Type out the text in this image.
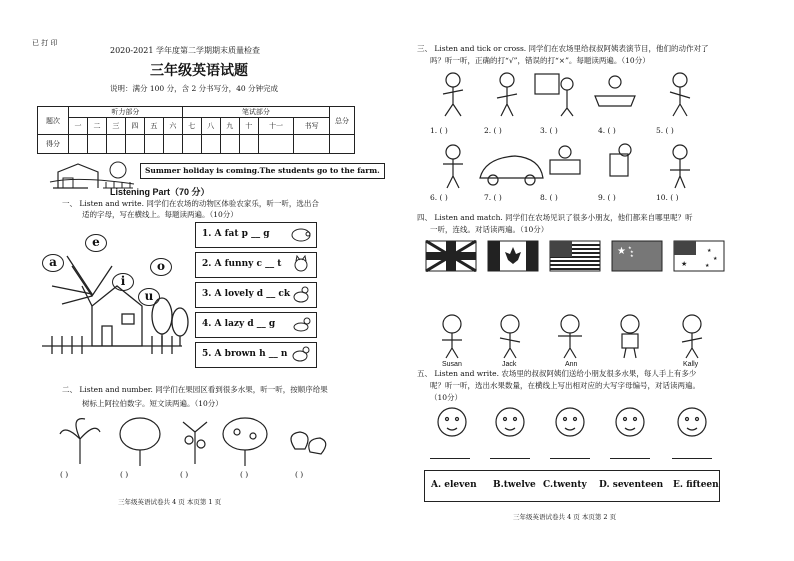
已 打 印
2020-2021 学年度第二学期期末质量检查
三年级英语试题
说明：满分 100 分，含 2 分书写分，40 分钟完成
题次	听力部分						笔试部分						总分
	一	二	三	四	五	六	七	八	九	十	十一	书写	
得分													
Summer holiday is coming.The students go to the farm.
Listening Part（70 分）
一、 Listen and write. 同学们在农场的动物区体验农家乐，听一听，选出合
适的字母，写在横线上。每题读两遍。（10分）
e
a
i
o
u
1. A fat p __ g
2. A funny c __ t
3. A lovely d __ ck
4. A lazy d __ g
5. A brown h __ n
二、 Listen and number. 同学们在果园区看到很多水果，听一听，按顺序给果
树标上阿拉伯数字。短文读两遍。（10分）
( )	( )	( )	( )	( )
三年级英语试卷共 4 页 本页第 1 页
三、 Listen and tick or cross. 同学们在农场里给叔叔阿姨表演节目，他们的动作对了
吗？听一听，正确的打“√”，错误的打“×”。每题读两遍。（10分）
1. ( )	2. ( )	3. ( )	4. ( )	5. ( )
6. ( )	7. ( )	8. ( )	9. ( )	10. ( )
四、 Listen and match. 同学们在农场见识了很多小朋友，他们都来自哪里呢？听
一听，连线。对话读两遍。（10分）
★ ★
★
★
★
★
★
★
Susan	Jack	Ann	Kally
五、 Listen and write. 农场里的叔叔阿姨们送给小朋友很多水果，每人手上有多少
呢？听一听，选出水果数量，在横线上写出相对应的大写字母编号，对话读两遍。
（10分）
A. eleven B.twelve C.twenty D. seventeen E. fifteen
三年级英语试卷共 4 页 本页第 2 页
